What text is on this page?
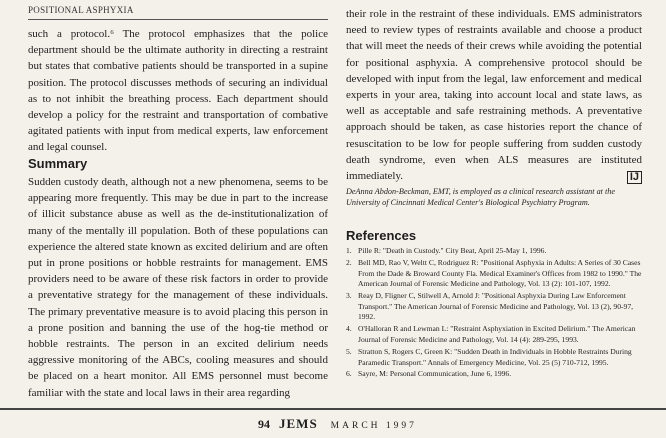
POSITIONAL ASPHYXIA

such a protocol.⁶ The protocol emphasizes that the police department should be the ultimate authority in directing a restraint but states that combative patients should be transported in a supine position. The protocol discusses methods of securing an individual as to not inhibit the breathing process. Each department should develop a policy for the restraint and transportation of combative agitated patients with input from medical experts, law enforcement and legal counsel.

Summary

Sudden custody death, although not a new phenomena, seems to be appearing more frequently. This may be due in part to the increase of illicit substance abuse as well as the de-institutionalization of many of the mentally ill population. Both of these populations can experience the altered state known as excited delirium and are often put in prone positions or hobble restraints for management. EMS providers need to be aware of these risk factors in order to provide a preventative strategy for the management of these individuals. The primary preventative measure is to avoid placing this person in a prone position and banning the use of the hog-tie method or hobble restraints. The person in an excited delirium needs aggressive monitoring of the ABCs, cooling measures and should be placed on a heart monitor. All EMS personnel must become familiar with the state and local laws in their area regarding

their role in the restraint of these individuals. EMS administrators need to review types of restraints available and choose a product that will meet the needs of their crews while avoiding the potential for positional asphyxia. A comprehensive protocol should be developed with input from the legal, law enforcement and medical experts in your area, taking into account local and state laws, as well as acceptable and safe restraining methods. A preventative approach should be taken, as case histories report the chance of resuscitation to be low for people suffering from sudden custody death syndrome, even when ALS measures are instituted immediately.	IJ

DeAnna Abdon-Beckman, EMT, is employed as a clinical research assistant at the University of Cincinnati Medical Center's Biological Psychiatry Program.
References
1. Pille R: "Death in Custody." City Beat, April 25-May 1, 1996.
2. Bell MD, Rao V, Weltt C, Rodriguez R: "Positional Asphyxia in Adults: A Series of 30 Cases From the Dade & Broward County Fla. Medical Examiner's Offices from 1982 to 1990." The American Journal of Forensic Medicine and Pathology, Vol. 13 (2): 101-107, 1992.
3. Reay D, Fligner C, Stilwell A, Arnold J: "Positional Asphyxia During Law Enforcement Transport." The American Journal of Forensic Medicine and Pathology, Vol. 13 (2), 90-97, 1992.
4. O'Halloran R and Lewman L: "Restraint Asphyxiation in Excited Delirium." The American Journal of Forensic Medicine and Pathology, Vol. 14 (4): 289-295, 1993.
5. Stratton S, Rogers C, Green K: "Sudden Death in Individuals in Hobble Restraints During Paramedic Transport." Annals of Emergency Medicine, Vol. 25 (5) 710-712, 1995.
6. Sayre, M: Personal Communication, June 6, 1996.
94 JEMS MARCH 1997
